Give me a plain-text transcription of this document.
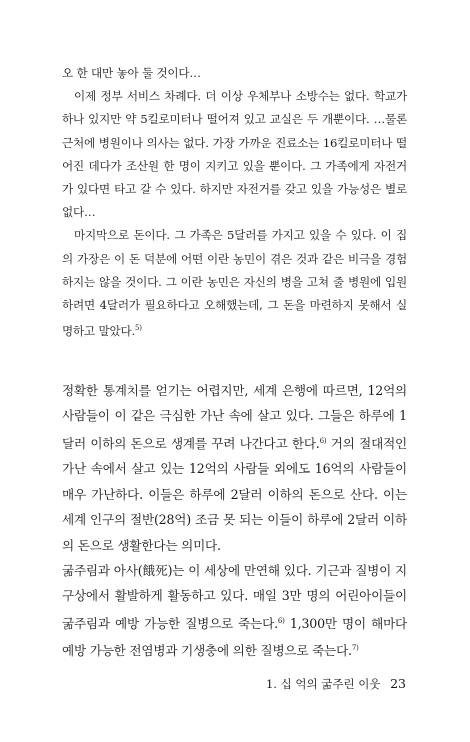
오 한 대만 놓아 둘 것이다…

이제 정부 서비스 차례다. 더 이상 우체부나 소방수는 없다. 학교가 하나 있지만 약 5킬로미터나 떨어져 있고 교실은 두 개뿐이다. …물론 근처에 병원이나 의사는 없다. 가장 가까운 진료소는 16킬로미터나 떨어진 데다가 조산원 한 명이 지키고 있을 뿐이다. 그 가족에게 자전거가 있다면 타고 갈 수 있다. 하지만 자전거를 갖고 있을 가능성은 별로 없다…

마지막으로 돈이다. 그 가족은 5달러를 가지고 있을 수 있다. 이 집의 가장은 이 돈 덕분에 어떤 이란 농민이 겪은 것과 같은 비극을 경험하지는 않을 것이다. 그 이란 농민은 자신의 병을 고쳐 줄 병원에 입원하려면 4달러가 필요하다고 오해했는데, 그 돈을 마련하지 못해서 실명하고 말았다.$^{5)}$

정확한 통계치를 얻기는 어렵지만, 세계 은행에 따르면, 12억의 사람들이 이 같은 극심한 가난 속에 살고 있다. 그들은 하루에 1달러 이하의 돈으로 생계를 꾸려 나간다고 한다.$^{6)}$ 거의 절대적인 가난 속에서 살고 있는 12억의 사람들 외에도 16억의 사람들이 매우 가난하다. 이들은 하루에 2달러 이하의 돈으로 산다. 이는 세계 인구의 절반(28억) 조금 못 되는 이들이 하루에 2달러 이하의 돈으로 생활한다는 의미다.

굶주림과 아사(餓死)는 이 세상에 만연해 있다. 기근과 질병이 지구상에서 활발하게 활동하고 있다. 매일 3만 명의 어린아이들이 굶주림과 예방 가능한 질병으로 죽는다.$^{6)}$ 1,300만 명이 해마다 예방 가능한 전염병과 기생충에 의한 질병으로 죽는다.$^{7)}$

1. 십 억의 굶주린 이웃 23
